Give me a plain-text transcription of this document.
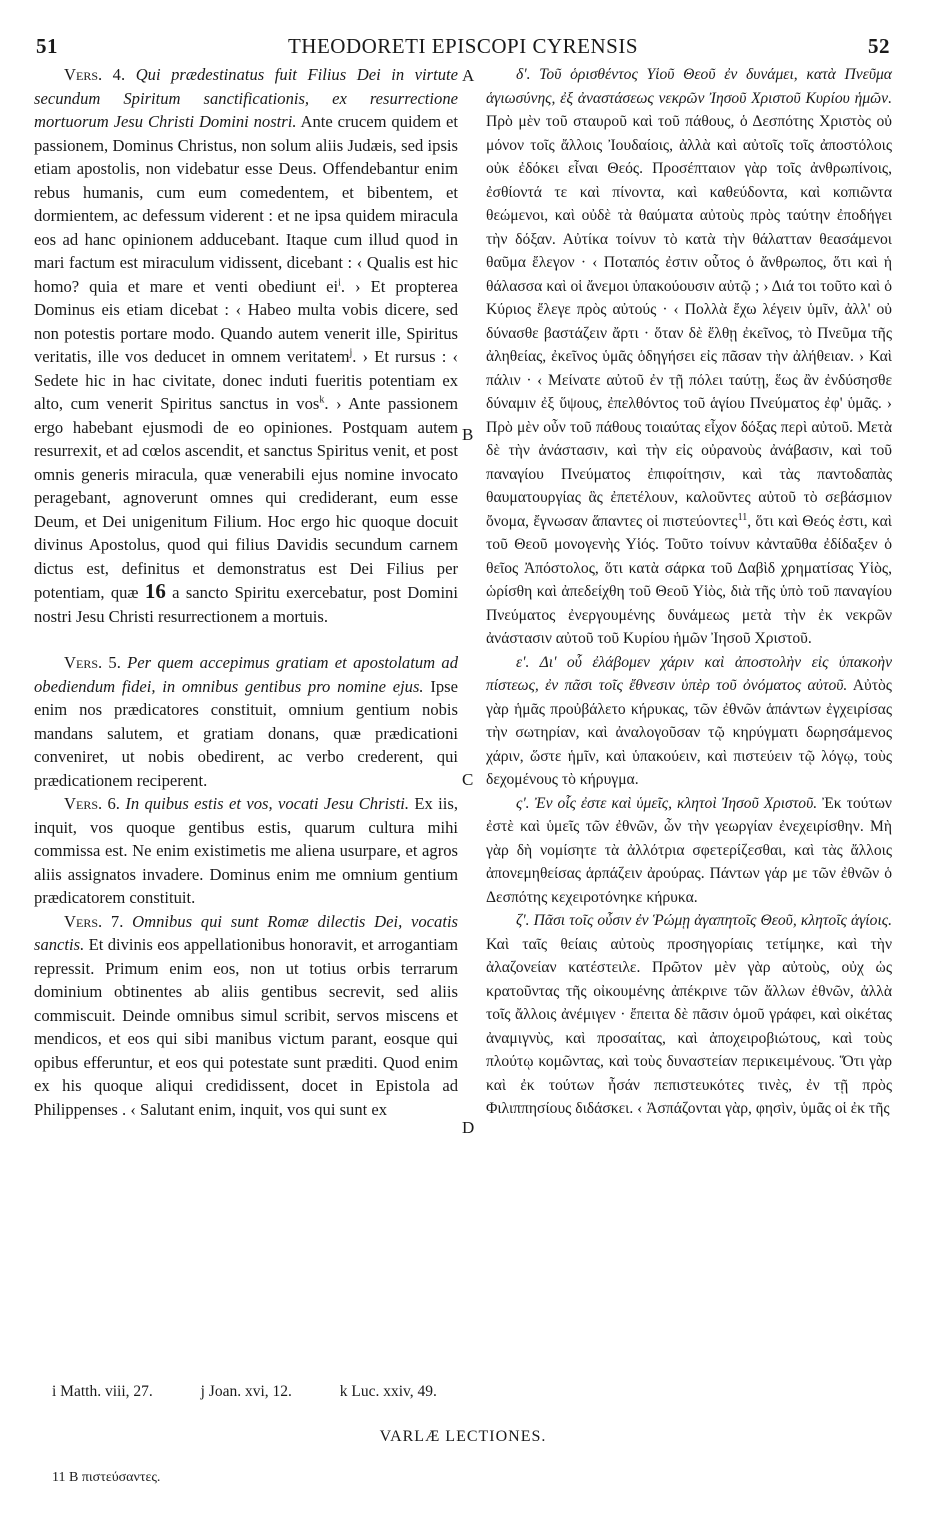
51	THEODORETI EPISCOPI CYRENSIS	52
A
B
C
D

Vers. 4. Qui prædestinatus fuit Filius Dei in virtute secundum Spiritum sanctificationis, ex resurrectione mortuorum Jesu Christi Domini nostri. Ante crucem quidem et passionem, Dominus Christus, non solum aliis Judæis, sed ipsis etiam apostolis, non videbatur esse Deus. Offendebantur enim rebus humanis, cum eum comedentem, et bibentem, et dormientem, ac defessum viderent : et ne ipsa quidem miracula eos ad hanc opinionem adducebant. Itaque cum illud quod in mari factum est miraculum vidissent, dicebant : ‹ Qualis est hic homo? quia et mare et venti obediunt $ei^i$. › Et propterea Dominus eis etiam dicebat : ‹ Habeo multa vobis dicere, sed non potestis portare modo. Quando autem venerit ille, Spiritus veritatis, ille vos deducet in omnem veritatem$^j$. › Et rursus : ‹ Sedete hic in hac civitate, donec induti fueritis potentiam ex alto, cum venerit Spiritus sanctus in vos$^k$. › Ante passionem ergo habebant ejusmodi de eo opiniones. Postquam autem resurrexit, et ad cœlos ascendit, et sanctus Spiritus venit, et post omnis generis miracula, quæ venerabili ejus nomine invocato peragebant, agnoverunt omnes qui crediderant, eum esse Deum, et Dei unigenitum Filium. Hoc ergo hic quoque docuit divinus Apostolus, quod qui filius Davidis secundum carnem dictus est, definitus et demonstratus est Dei Filius per potentiam, quæ 16 a sancto Spiritu exercebatur, post Domini nostri Jesu Christi resurrectionem a mortuis.

Vers. 5. Per quem accepimus gratiam et apostolatum ad obediendum fidei, in omnibus gentibus pro nomine ejus. Ipse enim nos prædicatores constituit, omnium gentium nobis mandans salutem, et gratiam donans, quæ prædicationi conveniret, ut nobis obedirent, ac verbo crederent, qui prædicationem reciperent.

Vers. 6. In quibus estis et vos, vocati Jesu Christi. Ex iis, inquit, vos quoque gentibus estis, quarum cultura mihi commissa est. Ne enim existimetis me aliena usurpare, et agros aliis assignatos invadere. Dominus enim me omnium gentium prædicatorem constituit.

Vers. 7. Omnibus qui sunt Romæ dilectis Dei, vocatis sanctis. Et divinis eos appellationibus honoravit, et arrogantiam repressit. Primum enim eos, non ut totius orbis terrarum dominium obtinentes ab aliis gentibus secrevit, sed aliis commiscuit. Deinde omnibus simul scribit, servos miscens et mendicos, et eos qui sibi manibus victum parant, eosque qui opibus efferuntur, et eos qui potestate sunt præditi. Quod enim ex his quoque aliqui credidissent, docet in Epistola ad Philippenses . ‹ Salutant enim, inquit, vos qui sunt ex

δ'. Τοῦ ὁρισθέντος Υἱοῦ Θεοῦ ἐν δυνάμει, κατὰ Πνεῦμα ἁγιωσύνης, ἐξ ἀναστάσεως νεκρῶν Ἰησοῦ Χριστοῦ Κυρίου ἡμῶν. Πρὸ μὲν τοῦ σταυροῦ καὶ τοῦ πάθους, ὁ Δεσπότης Χριστὸς οὐ μόνον τοῖς ἄλλοις Ἰουδαίοις, ἀλλὰ καὶ αὐτοῖς τοῖς ἀποστόλοις οὐκ ἐδόκει εἶναι Θεός. Προσέπταιον γὰρ τοῖς ἀνθρωπίνοις, ἐσθίοντά τε καὶ πίνοντα, καὶ καθεύδοντα, καὶ κοπιῶντα θεώμενοι, καὶ οὐδὲ τὰ θαύματα αὐτοὺς πρὸς ταύτην ἐποδήγει τὴν δόξαν. Αὐτίκα τοίνυν τὸ κατὰ τὴν θάλατταν θεασάμενοι θαῦμα ἔλεγον · ‹ Ποταπός ἐστιν οὗτος ὁ ἄνθρωπος, ὅτι καὶ ἡ θάλασσα καὶ οἱ ἄνεμοι ὑπακούουσιν αὐτῷ ; › Διά τοι τοῦτο καὶ ὁ Κύριος ἔλεγε πρὸς αὐτούς · ‹ Πολλὰ ἔχω λέγειν ὑμῖν, ἀλλ' οὐ δύνασθε βαστάζειν ἄρτι · ὅταν δὲ ἔλθῃ ἐκεῖνος, τὸ Πνεῦμα τῆς ἀληθείας, ἐκεῖνος ὑμᾶς ὁδηγήσει εἰς πᾶσαν τὴν ἀλήθειαν. › Καὶ πάλιν · ‹ Μείνατε αὐτοῦ ἐν τῇ πόλει ταύτῃ, ἕως ἂν ἐνδύσησθε δύναμιν ἐξ ὕψους, ἐπελθόντος τοῦ ἁγίου Πνεύματος ἐφ' ὑμᾶς. › Πρὸ μὲν οὖν τοῦ πάθους τοιαύτας εἶχον δόξας περὶ αὐτοῦ. Μετὰ δὲ τὴν ἀνάστασιν, καὶ τὴν εἰς οὐρανοὺς ἀνάβασιν, καὶ τοῦ παναγίου Πνεύματος ἐπιφοίτησιν, καὶ τὰς παντοδαπὰς θαυματουργίας ἃς ἐπετέλουν, καλοῦντες αὐτοῦ τὸ σεβάσμιον ὄνομα, ἔγνωσαν ἅπαντες οἱ πιστεύοντες$^{11}$, ὅτι καὶ Θεός ἐστι, καὶ τοῦ Θεοῦ μονογενὴς Υἱός. Τοῦτο τοίνυν κἀνταῦθα ἐδίδαξεν ὁ θεῖος Ἀπόστολος, ὅτι κατὰ σάρκα τοῦ Δαβὶδ χρηματίσας Υἱὸς, ὡρίσθη καὶ ἀπεδείχθη τοῦ Θεοῦ Υἱὸς, διὰ τῆς ὑπὸ τοῦ παναγίου Πνεύματος ἐνεργουμένης δυνάμεως μετὰ τὴν ἐκ νεκρῶν ἀνάστασιν αὐτοῦ τοῦ Κυρίου ἡμῶν Ἰησοῦ Χριστοῦ.

ε'. Δι' οὗ ἐλάβομεν χάριν καὶ ἀποστολὴν εἰς ὑπακοὴν πίστεως, ἐν πᾶσι τοῖς ἔθνεσιν ὑπὲρ τοῦ ὀνόματος αὐτοῦ. Αὐτὸς γὰρ ἡμᾶς προὐβάλετο κήρυκας, τῶν ἐθνῶν ἁπάντων ἐγχειρίσας τὴν σωτηρίαν, καὶ ἀναλογοῦσαν τῷ κηρύγματι δωρησάμενος χάριν, ὥστε ἡμῖν, καὶ ὑπακούειν, καὶ πιστεύειν τῷ λόγῳ, τοὺς δεχομένους τὸ κήρυγμα.

ς'. Ἐν οἷς ἐστε καὶ ὑμεῖς, κλητοὶ Ἰησοῦ Χριστοῦ. Ἐκ τούτων ἐστὲ καὶ ὑμεῖς τῶν ἐθνῶν, ὧν τὴν γεωργίαν ἐνεχειρίσθην. Μὴ γὰρ δὴ νομίσητε τὰ ἀλλότρια σφετερίζεσθαι, καὶ τὰς ἄλλοις ἀπονεμηθείσας ἁρπάζειν ἀρούρας. Πάντων γάρ με τῶν ἐθνῶν ὁ Δεσπότης κεχειροτόνηκε κήρυκα.

ζ'. Πᾶσι τοῖς οὖσιν ἐν Ῥώμῃ ἀγαπητοῖς Θεοῦ, κλητοῖς ἁγίοις. Καὶ ταῖς θείαις αὐτοὺς προσηγορίαις τετίμηκε, καὶ τὴν ἀλαζονείαν κατέστειλε. Πρῶτον μὲν γὰρ αὐτοὺς, οὐχ ὡς κρατοῦντας τῆς οἰκουμένης ἀπέκρινε τῶν ἄλλων ἐθνῶν, ἀλλὰ τοῖς ἄλλοις ἀνέμιγεν · ἔπειτα δὲ πᾶσιν ὁμοῦ γράφει, καὶ οἰκέτας ἀναμιγνὺς, καὶ προσαίτας, καὶ ἀποχειροβιώτους, καὶ τοὺς πλούτῳ κομῶντας, καὶ τοὺς δυναστείαν περικειμένους. Ὅτι γὰρ καὶ ἐκ τούτων ἦσάν πεπιστευκότες τινὲς, ἐν τῇ πρὸς Φιλιππησίους διδάσκει. ‹ Ἀσπάζονται γὰρ, φησὶν, ὑμᾶς οἱ ἐκ τῆς

i Matth. viii, 27.	j Joan. xvi, 12.	k Luc. xxiv, 49.
VARLÆ LECTIONES.
11 B πιστεύσαντες.
